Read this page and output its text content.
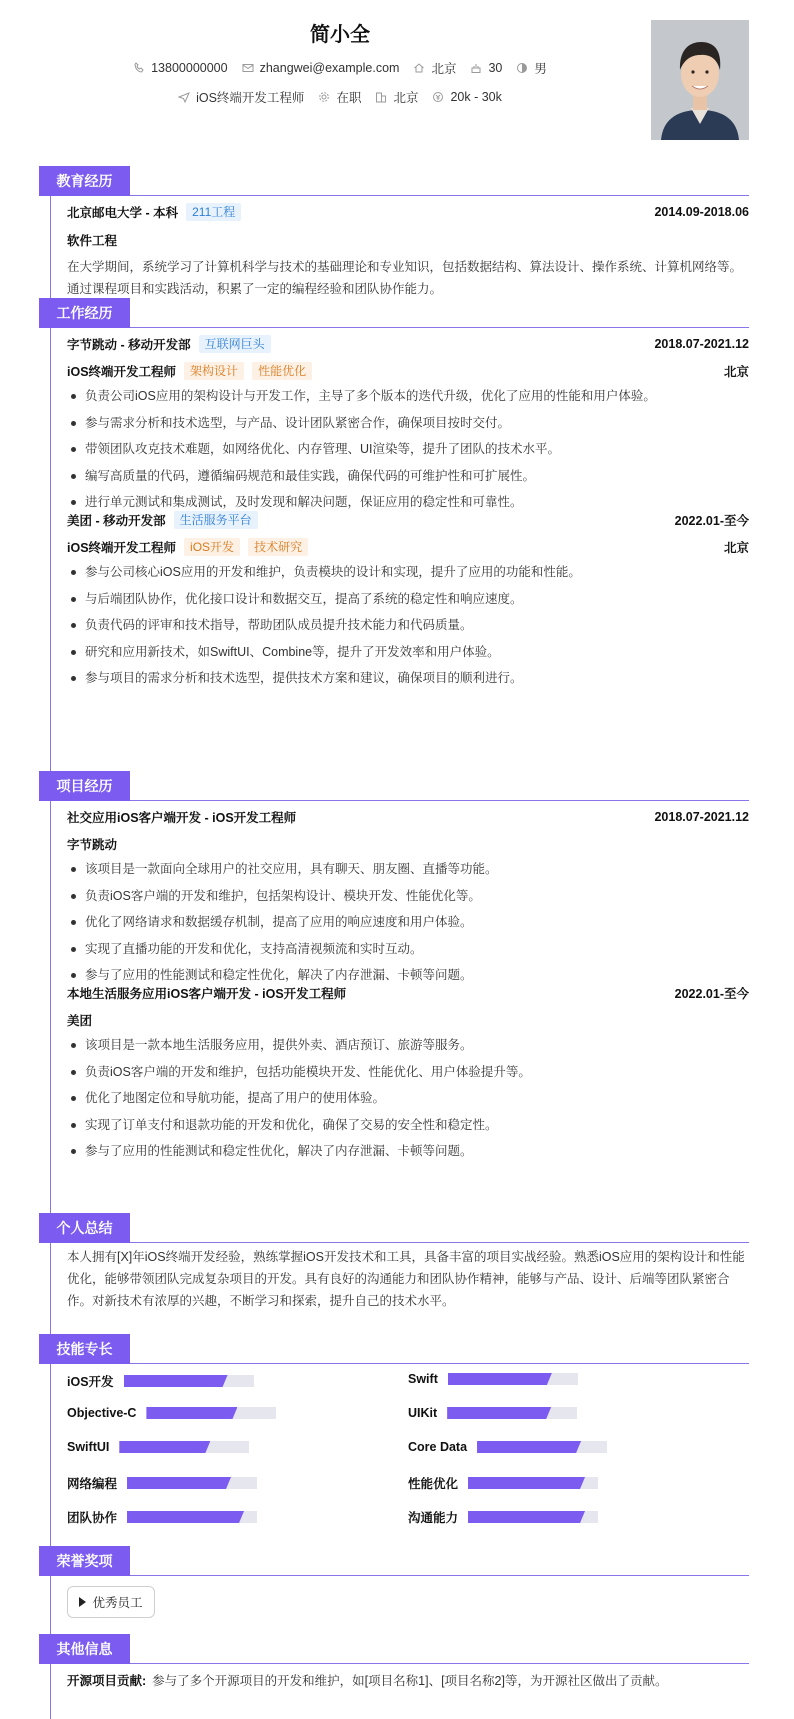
简小全
13800000000	zhangwei@example.com	北京	30	男
iOS终端开发工程师	在职	北京	20k - 30k
教育经历
北京邮电大学 - 本科	211工程	2014.09-2018.06
软件工程
在大学期间，系统学习了计算机科学与技术的基础理论和专业知识，包括数据结构、算法设计、操作系统、计算机网络等。通过课程项目和实践活动，积累了一定的编程经验和团队协作能力。
工作经历
字节跳动 - 移动开发部	互联网巨头	2018.07-2021.12
iOS终端开发工程师	架构设计	性能优化	北京
负责公司iOS应用的架构设计与开发工作，主导了多个版本的迭代升级，优化了应用的性能和用户体验。
参与需求分析和技术选型，与产品、设计团队紧密合作，确保项目按时交付。
带领团队攻克技术难题，如网络优化、内存管理、UI渲染等，提升了团队的技术水平。
编写高质量的代码，遵循编码规范和最佳实践，确保代码的可维护性和可扩展性。
进行单元测试和集成测试，及时发现和解决问题，保证应用的稳定性和可靠性。
美团 - 移动开发部	生活服务平台	2022.01-至今
iOS终端开发工程师	iOS开发	技术研究	北京
参与公司核心iOS应用的开发和维护，负责模块的设计和实现，提升了应用的功能和性能。
与后端团队协作，优化接口设计和数据交互，提高了系统的稳定性和响应速度。
负责代码的评审和技术指导，帮助团队成员提升技术能力和代码质量。
研究和应用新技术，如SwiftUI、Combine等，提升了开发效率和用户体验。
参与项目的需求分析和技术选型，提供技术方案和建议，确保项目的顺利进行。
项目经历
社交应用iOS客户端开发 - iOS开发工程师	2018.07-2021.12
字节跳动
该项目是一款面向全球用户的社交应用，具有聊天、朋友圈、直播等功能。
负责iOS客户端的开发和维护，包括架构设计、模块开发、性能优化等。
优化了网络请求和数据缓存机制，提高了应用的响应速度和用户体验。
实现了直播功能的开发和优化，支持高清视频流和实时互动。
参与了应用的性能测试和稳定性优化，解决了内存泄漏、卡顿等问题。
本地生活服务应用iOS客户端开发 - iOS开发工程师	2022.01-至今
美团
该项目是一款本地生活服务应用，提供外卖、酒店预订、旅游等服务。
负责iOS客户端的开发和维护，包括功能模块开发、性能优化、用户体验提升等。
优化了地图定位和导航功能，提高了用户的使用体验。
实现了订单支付和退款功能的开发和优化，确保了交易的安全性和稳定性。
参与了应用的性能测试和稳定性优化，解决了内存泄漏、卡顿等问题。
个人总结
本人拥有[X]年iOS终端开发经验，熟练掌握iOS开发技术和工具，具备丰富的项目实战经验。熟悉iOS应用的架构设计和性能优化，能够带领团队完成复杂项目的开发。具有良好的沟通能力和团队协作精神，能够与产品、设计、后端等团队紧密合作。对新技术有浓厚的兴趣，不断学习和探索，提升自己的技术水平。
技能专长
iOS开发	Swift
Objective-C	UIKit
SwiftUI	Core Data
网络编程	性能优化
团队协作	沟通能力
荣誉奖项
优秀员工
其他信息
开源项目贡献: 参与了多个开源项目的开发和维护，如[项目名称1]、[项目名称2]等，为开源社区做出了贡献。
